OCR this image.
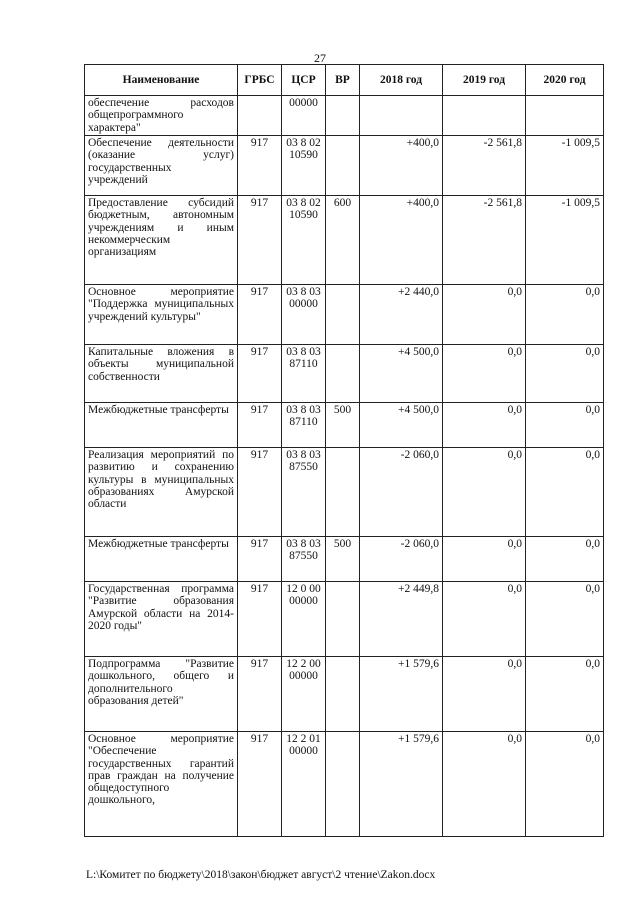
27
Наименование	ГРБС	ЦСР	ВР	2018 год	2019 год	2020 год
обеспечение расходов общепрограммного характера"		00000				
Обеспечение деятельности (оказание услуг) государственных учреждений	917	03 8 02 10590		+400,0	-2 561,8	-1 009,5
Предоставление субсидий бюджетным, автономным учреждениям и иным некоммерческим организациям	917	03 8 02 10590	600	+400,0	-2 561,8	-1 009,5
Основное мероприятие "Поддержка муниципальных учреждений культуры"	917	03 8 03 00000		+2 440,0	0,0	0,0
Капитальные вложения в объекты муниципальной собственности	917	03 8 03 87110		+4 500,0	0,0	0,0
Межбюджетные трансферты	917	03 8 03 87110	500	+4 500,0	0,0	0,0
Реализация мероприятий по развитию и сохранению культуры в муниципальных образованиях Амурской области	917	03 8 03 87550		-2 060,0	0,0	0,0
Межбюджетные трансферты	917	03 8 03 87550	500	-2 060,0	0,0	0,0
Государственная программа "Развитие образования Амурской области на 2014-2020 годы"	917	12 0 00 00000		+2 449,8	0,0	0,0
Подпрограмма "Развитие дошкольного, общего и дополнительного образования детей"	917	12 2 00 00000		+1 579,6	0,0	0,0
Основное мероприятие "Обеспечение государственных гарантий прав граждан на получение общедоступного дошкольного,	917	12 2 01 00000		+1 579,6	0,0	0,0
L:\Комитет по бюджету\2018\закон\бюджет август\2 чтение\Zakon.docx
